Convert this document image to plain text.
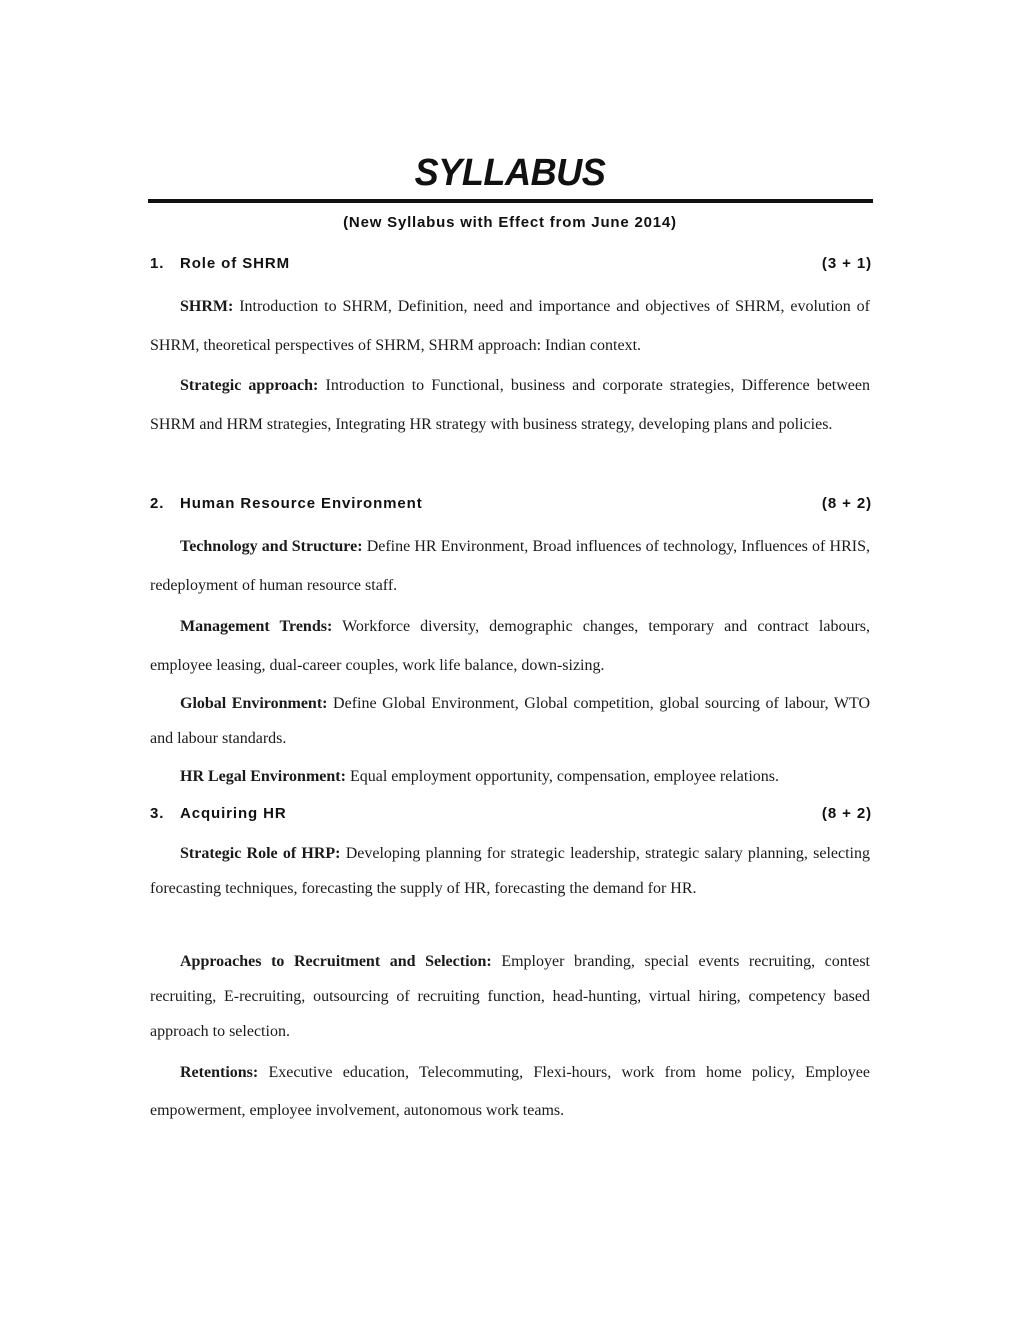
SYLLABUS
(New Syllabus with Effect from June 2014)
1. Role of SHRM	(3 + 1)
SHRM: Introduction to SHRM, Definition, need and importance and objectives of SHRM, evolution of SHRM, theoretical perspectives of SHRM, SHRM approach: Indian context.
Strategic approach: Introduction to Functional, business and corporate strategies, Difference between SHRM and HRM strategies, Integrating HR strategy with business strategy, developing plans and policies.
2. Human Resource Environment	(8 + 2)
Technology and Structure: Define HR Environment, Broad influences of technology, Influences of HRIS, redeployment of human resource staff.
Management Trends: Workforce diversity, demographic changes, temporary and contract labours, employee leasing, dual-career couples, work life balance, down-sizing.
Global Environment: Define Global Environment, Global competition, global sourcing of labour, WTO and labour standards.
HR Legal Environment: Equal employment opportunity, compensation, employee relations.
3. Acquiring HR	(8 + 2)
Strategic Role of HRP: Developing planning for strategic leadership, strategic salary planning, selecting forecasting techniques, forecasting the supply of HR, forecasting the demand for HR.
Approaches to Recruitment and Selection: Employer branding, special events recruiting, contest recruiting, E-recruiting, outsourcing of recruiting function, head-hunting, virtual hiring, competency based approach to selection.
Retentions: Executive education, Telecommuting, Flexi-hours, work from home policy, Employee empowerment, employee involvement, autonomous work teams.
